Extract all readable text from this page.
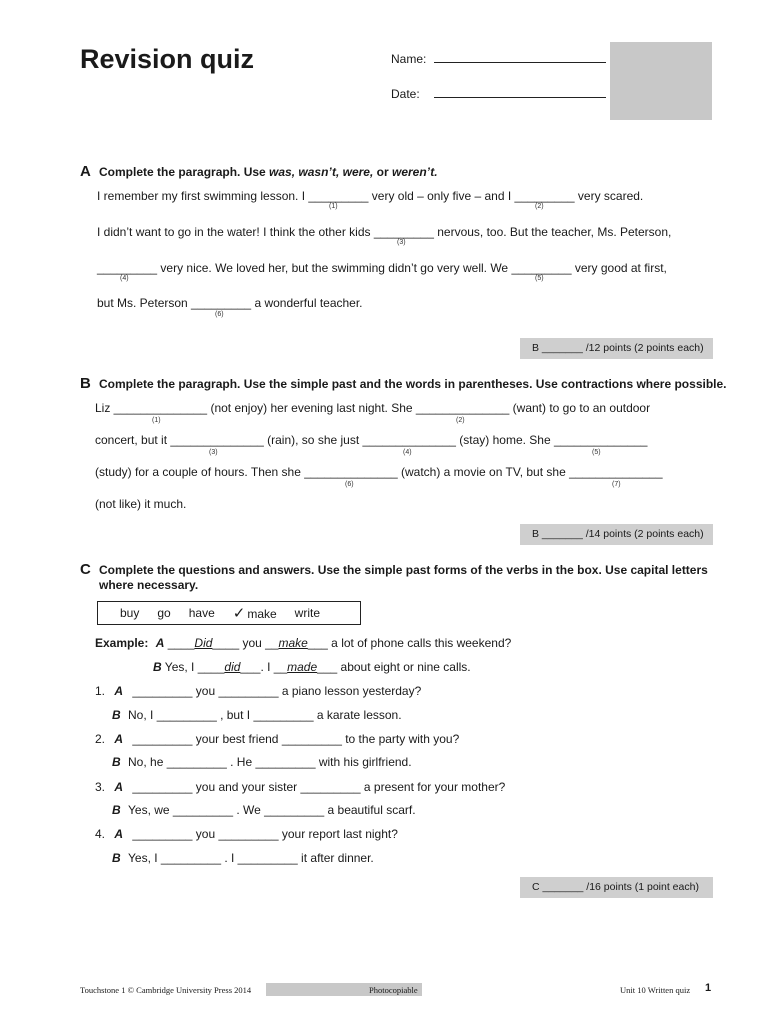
Revision quiz	Name:
Date:
A Complete the paragraph. Use was, wasn’t, were, or weren’t.
I remember my first swimming lesson. I _________ very old – only five – and I _________ very scared.
(1)	(2)
I didn’t want to go in the water! I think the other kids _________ nervous, too. But the teacher, Ms. Peterson,
(3)
_________ very nice. We loved her, but the swimming didn’t go very well. We _________ very good at first,
(4)	(5)
but Ms. Peterson _________ a wonderful teacher.
(6)
B _______ /12 points (2 points each)
B Complete the paragraph. Use the simple past and the words in parentheses. Use contractions where possible.
Liz ______________ (not enjoy) her evening last night. She ______________ (want) to go to an outdoor
(1)	(2)
concert, but it ______________ (rain), so she just ______________ (stay) home. She ______________
(3)	(4)	(5)
(study) for a couple of hours. Then she ______________ (watch) a movie on TV, but she ______________
(6)	(7)
(not like) it much.
B _______ /14 points (2 points each)
C Complete the questions and answers. Use the simple past forms of the verbs in the box. Use capital letters
where necessary.
buy go have ✓ make write
Example: A ____Did____ you __make___ a lot of phone calls this weekend?
B Yes, I ____did___. I __made___ about eight or nine calls.
1. A _________ you _________ a piano lesson yesterday?
B No, I _________ , but I _________ a karate lesson.
2. A _________ your best friend _________ to the party with you?
B No, he _________ . He _________ with his girlfriend.
3. A _________ you and your sister _________ a present for your mother?
B Yes, we _________ . We _________ a beautiful scarf.
4. A _________ you _________ your report last night?
B Yes, I _________ . I _________ it after dinner.
C _______ /16 points (1 point each)
Touchstone 1 © Cambridge University Press 2014	Photocopiable	Unit 10 Written quiz 1
